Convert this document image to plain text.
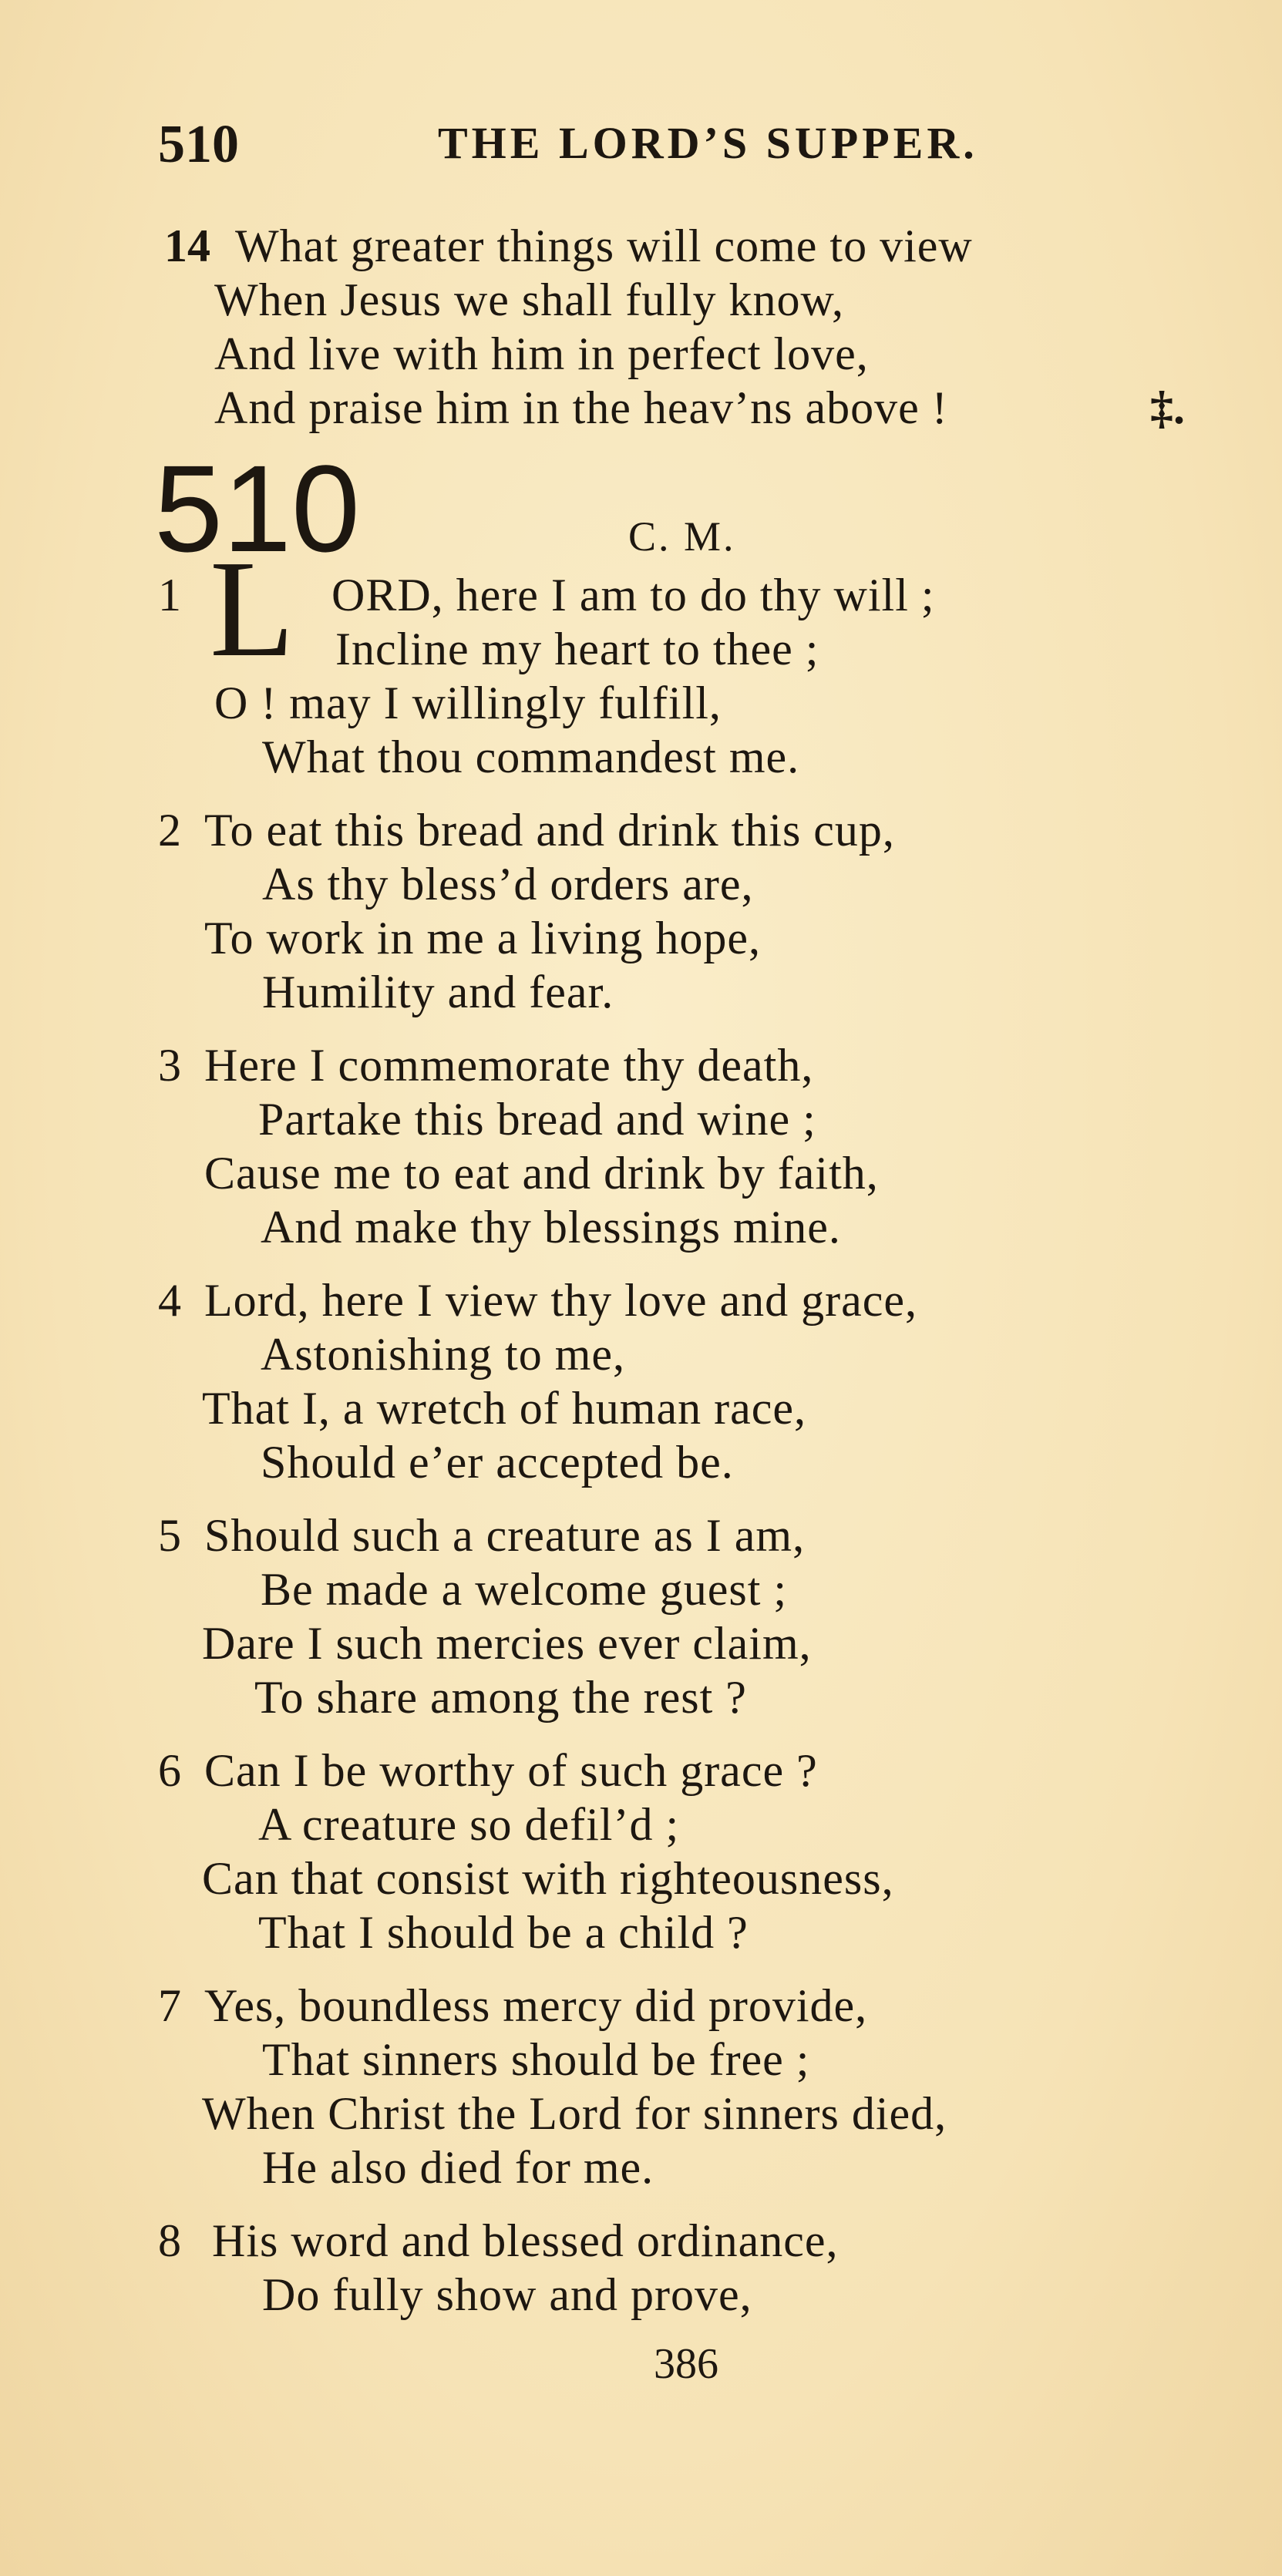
510	THE LORD’S SUPPER.
14 What greater things will come to view
When Jesus we shall fully know,
And live with him in perfect love,
And praise him in the heav’ns above !	‡.
510	C. M.
1 L ORD, here I am to do thy will ;
Incline my heart to thee ;
O ! may I willingly fulfill,
What thou commandest me.
2 To eat this bread and drink this cup,
As thy bless’d orders are,
To work in me a living hope,
Humility and fear.
3 Here I commemorate thy death,
Partake this bread and wine ;
Cause me to eat and drink by faith,
And make thy blessings mine.
4 Lord, here I view thy love and grace,
Astonishing to me,
That I, a wretch of human race,
Should e’er accepted be.
5 Should such a creature as I am,
Be made a welcome guest ;
Dare I such mercies ever claim,
To share among the rest ?
6 Can I be worthy of such grace ?
A creature so defil’d ;
Can that consist with righteousness,
That I should be a child ?
7 Yes, boundless mercy did provide,
That sinners should be free ;
When Christ the Lord for sinners died,
He also died for me.
8 His word and blessed ordinance,
Do fully show and prove,
386
